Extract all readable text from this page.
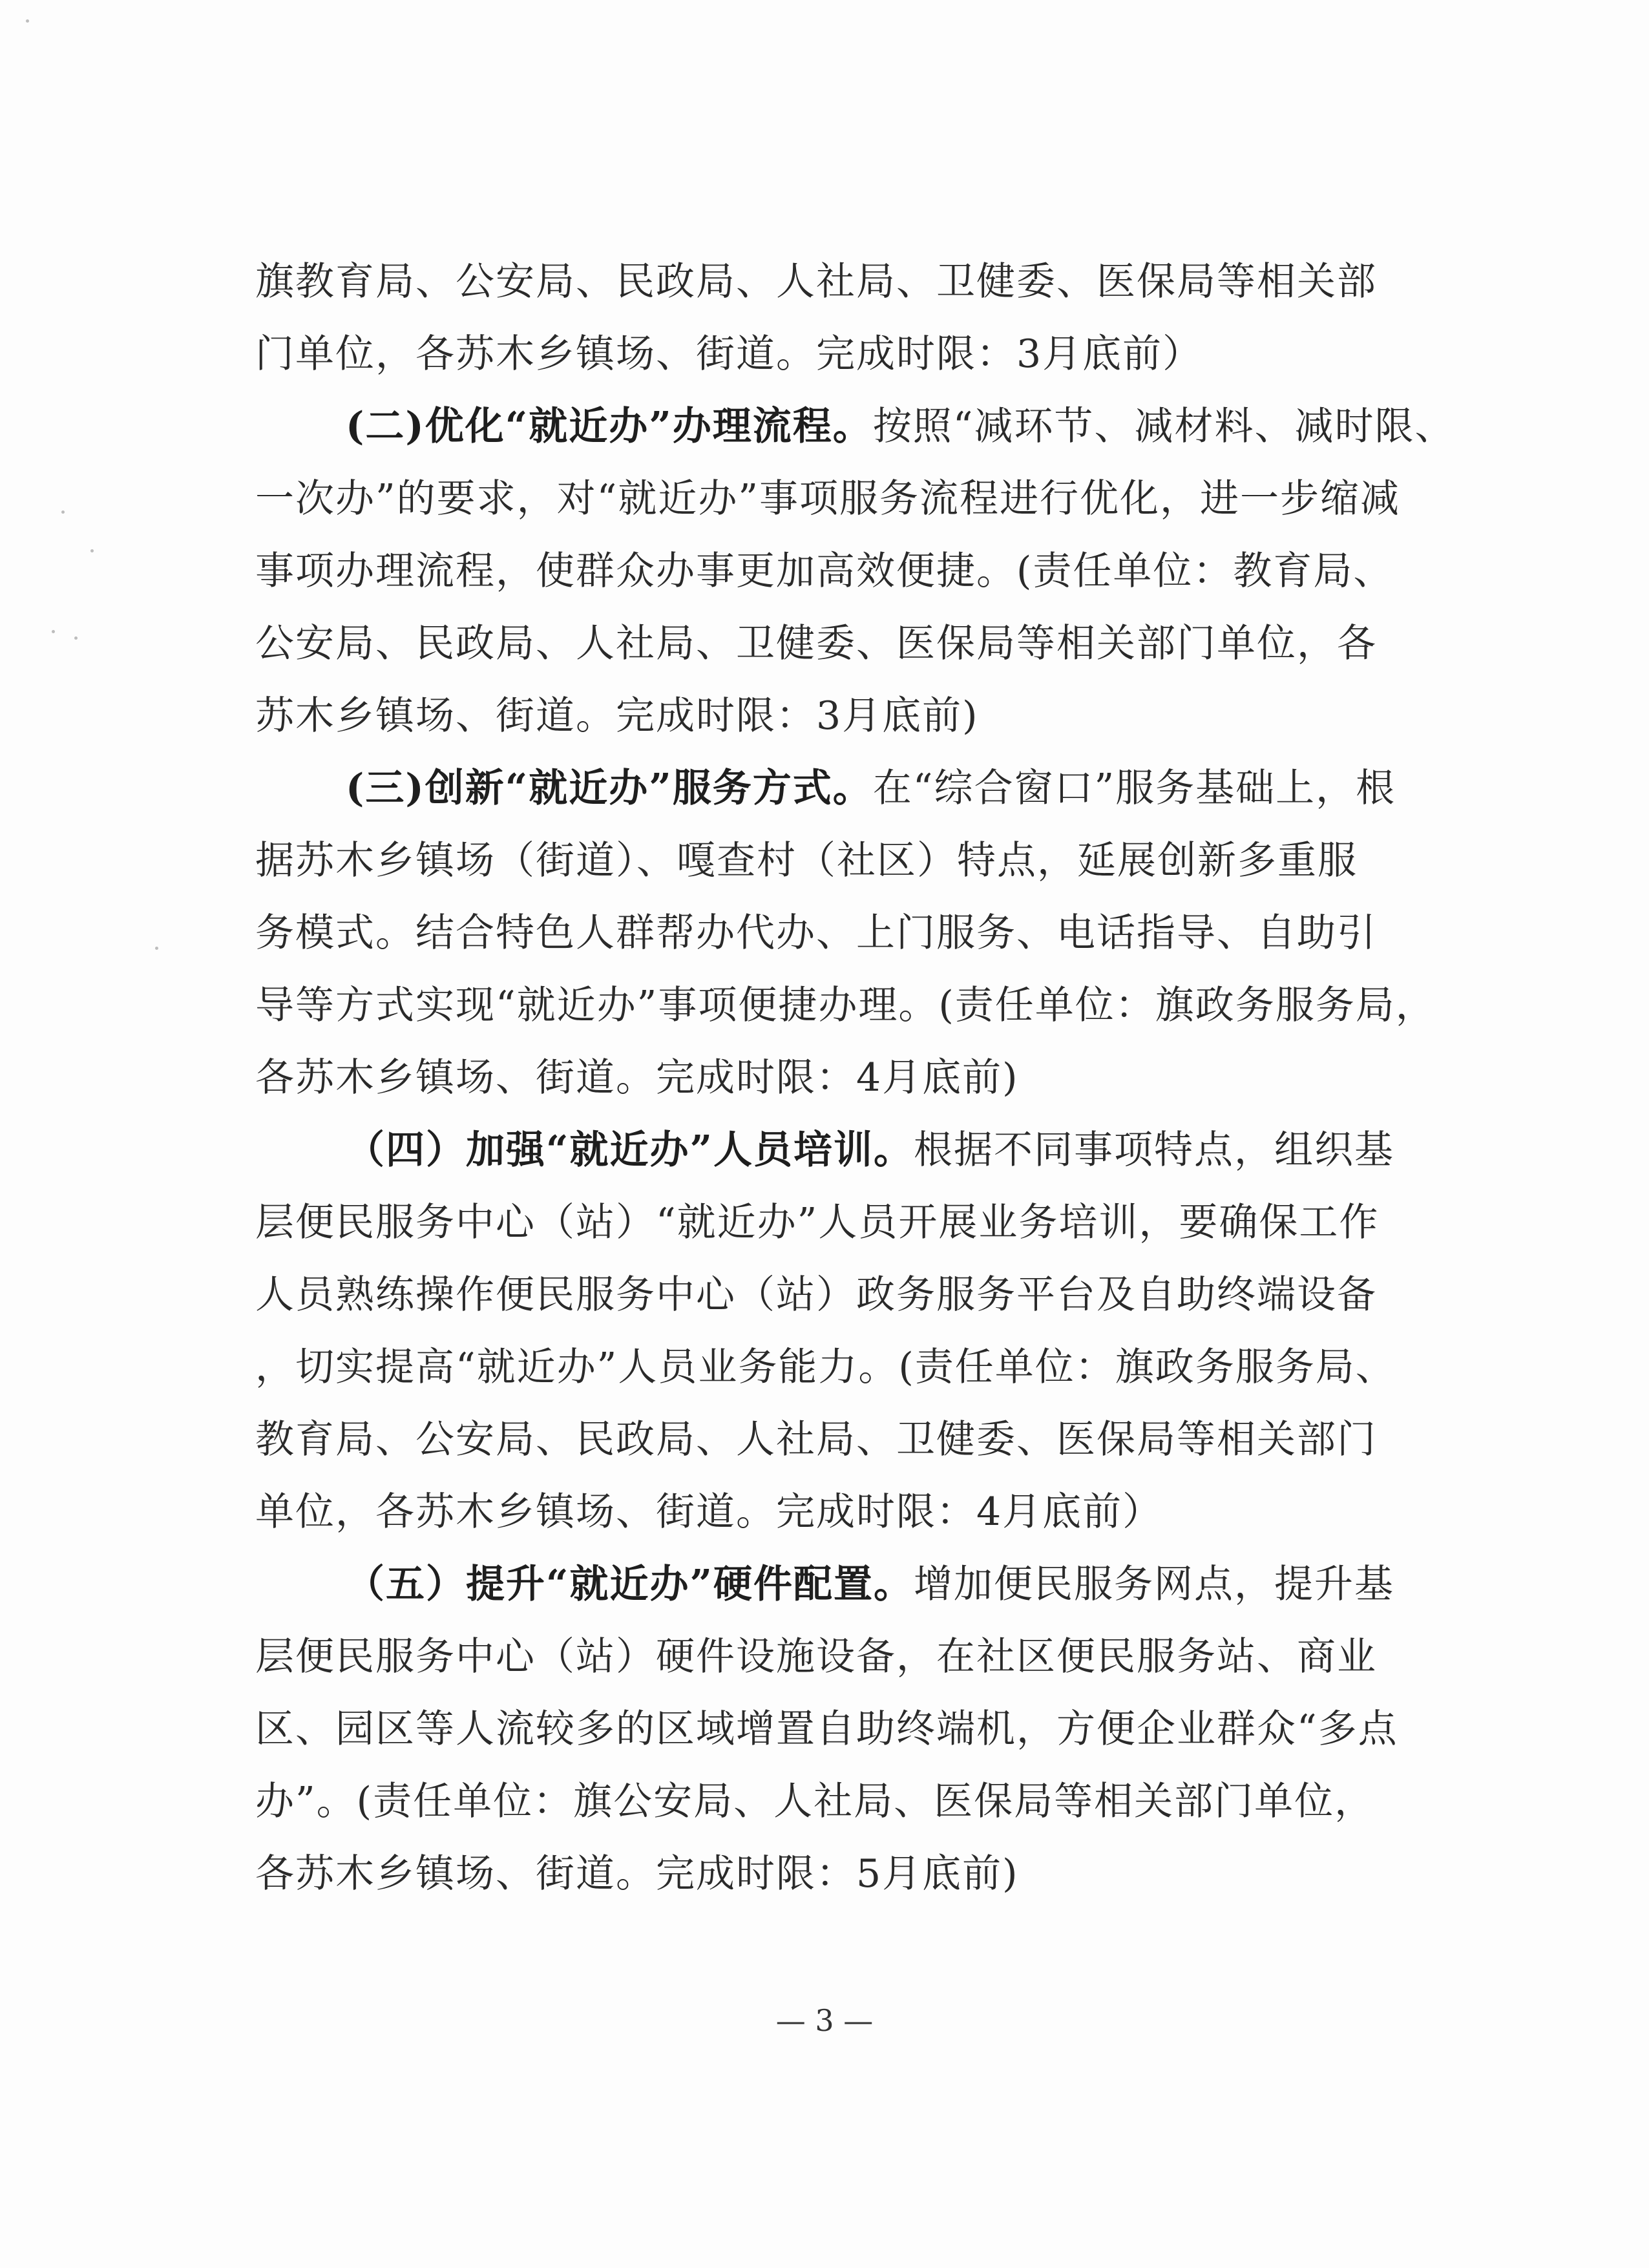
旗教育局、公安局、民政局、人社局、卫健委、医保局等相关部
门单位，各苏木乡镇场、街道。完成时限：3月底前）
(二)优化“就近办”办理流程。按照“减环节、减材料、减时限、
一次办”的要求，对“就近办”事项服务流程进行优化，进一步缩减
事项办理流程，使群众办事更加高效便捷。(责任单位：教育局、
公安局、民政局、人社局、卫健委、医保局等相关部门单位，各
苏木乡镇场、街道。完成时限：3月底前)
(三)创新“就近办”服务方式。在“综合窗口”服务基础上，根
据苏木乡镇场（街道）、嘎查村（社区）特点，延展创新多重服
务模式。结合特色人群帮办代办、上门服务、电话指导、自助引
导等方式实现“就近办”事项便捷办理。(责任单位：旗政务服务局，
各苏木乡镇场、街道。完成时限：4月底前)
（四）加强“就近办”人员培训。根据不同事项特点，组织基
层便民服务中心（站）“就近办”人员开展业务培训，要确保工作
人员熟练操作便民服务中心（站）政务服务平台及自助终端设备
，切实提高“就近办”人员业务能力。(责任单位：旗政务服务局、
教育局、公安局、民政局、人社局、卫健委、医保局等相关部门
单位，各苏木乡镇场、街道。完成时限：4月底前）
（五）提升“就近办”硬件配置。增加便民服务网点，提升基
层便民服务中心（站）硬件设施设备，在社区便民服务站、商业
区、园区等人流较多的区域增置自助终端机，方便企业群众“多点
办”。(责任单位：旗公安局、人社局、医保局等相关部门单位，
各苏木乡镇场、街道。完成时限：5月底前)
— 3 —
